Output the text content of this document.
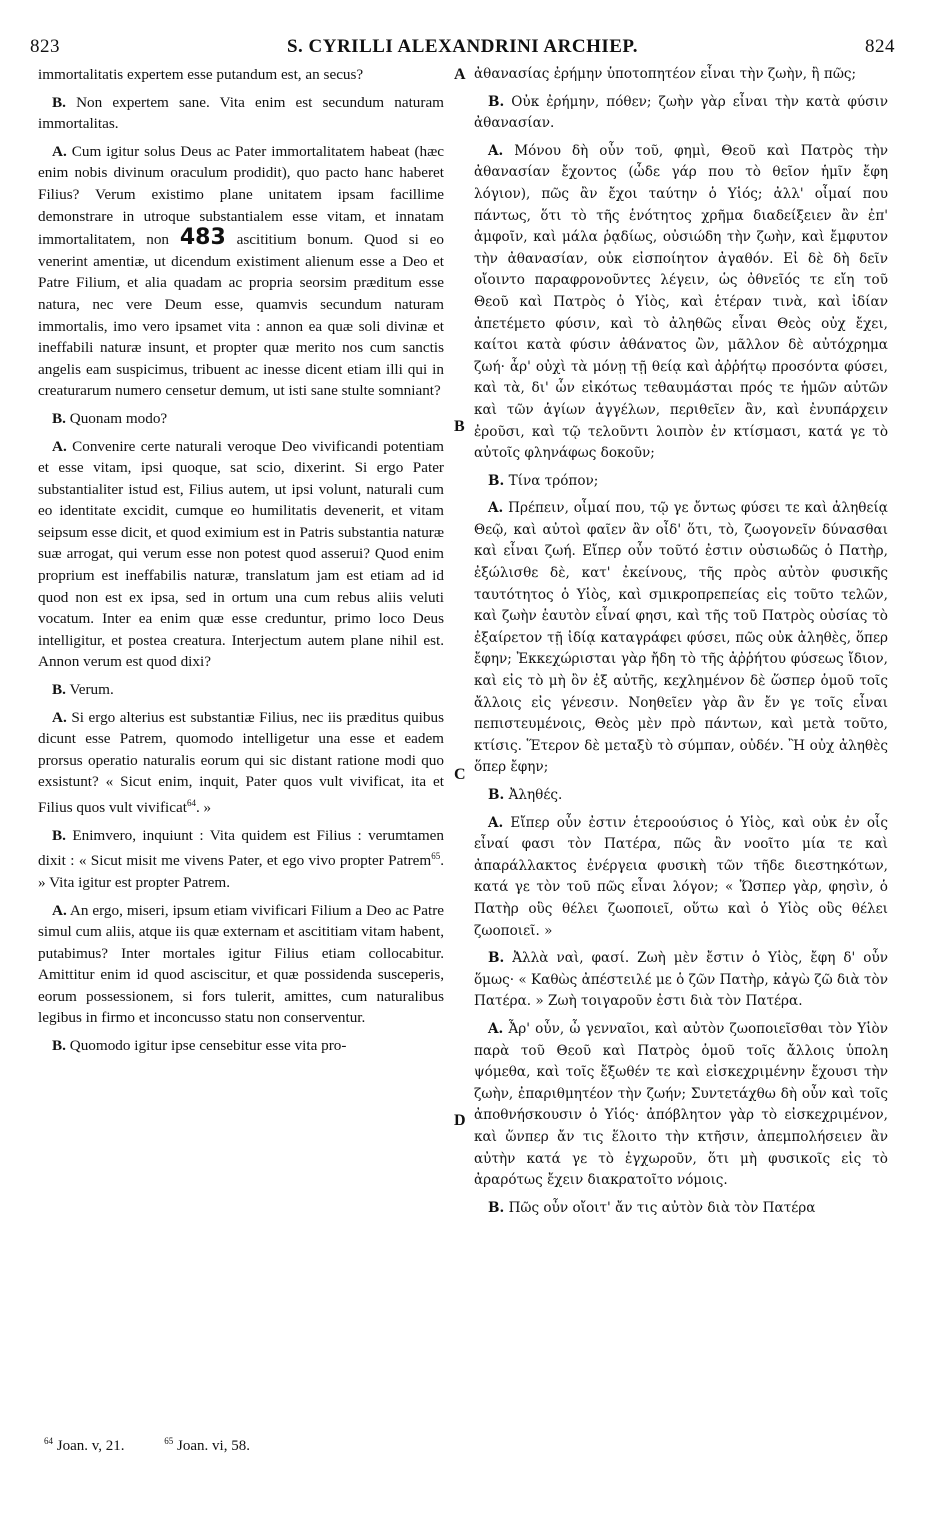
823	S. CYRILLI ALEXANDRINI ARCHIEP.	824
A
B
C
D

immortalitatis expertem esse putandum est, an secus?

B. Non expertem sane. Vita enim est secundum naturam immortalitas.

A. Cum igitur solus Deus ac Pater immortalitatem habeat (hæc enim nobis divinum oraculum prodidit), quo pacto hanc haberet Filius? Verum existimo plane unitatem ipsam facillime demonstrare in utroque substantialem esse vitam, et innatam immortalitatem, non 483 ascititium bonum. Quod si eo venerint amentiæ, ut dicendum existiment alienum esse a Deo et Patre Filium, et alia quadam ac propria seorsim præditum esse natura, nec vere Deum esse, quamvis secundum naturam immortalis, imo vero ipsamet vita : annon ea quæ soli divinæ et ineffabili naturæ insunt, et propter quæ merito nos cum sanctis angelis eam suspicimus, tribuent ac inesse dicent etiam illi qui in creaturarum numero censetur demum, ut isti sane stulte somniant?

B. Quonam modo?

A. Convenire certe naturali veroque Deo vivificandi potentiam et esse vitam, ipsi quoque, sat scio, dixerint. Si ergo Pater substantialiter istud est, Filius autem, ut ipsi volunt, naturali cum eo identitate excidit, cumque eo humilitatis devenerit, et vitam seipsum esse dicit, et quod eximium est in Patris substantia naturæ suæ arrogat, qui verum esse non potest quod asserui? Quod enim proprium est ineffabilis naturæ, translatum jam est etiam ad id quod non est ex ipsa, sed in ortum una cum rebus aliis veluti vocatum. Inter ea enim quæ esse creduntur, primo loco Deus intelligitur, et postea creatura. Interjectum autem plane nihil est. Annon verum est quod dixi?

B. Verum.

A. Si ergo alterius est substantiæ Filius, nec iis præditus quibus dicunt esse Patrem, quomodo intelligetur una esse et eadem prorsus operatio naturalis eorum qui sic distant ratione modi quo exsistunt? « Sicut enim, inquit, Pater quos vult vivificat, ita et Filius quos vult vivificat$^{64}$. »

B. Enimvero, inquiunt : Vita quidem est Filius : verumtamen dixit : « Sicut misit me vivens Pater, et ego vivo propter Patrem$^{65}$. » Vita igitur est propter Patrem.

A. An ergo, miseri, ipsum etiam vivificari Filium a Deo ac Patre simul cum aliis, atque iis quæ externam et ascititiam vitam habent, putabimus? Inter mortales igitur Filius etiam collocabitur. Amittitur enim id quod asciscitur, et quæ possidenda susceperis, eorum possessionem, si fors tulerit, amittes, cum naturalibus legibus in firmo et inconcusso statu non conserventur.

B. Quomodo igitur ipse censebitur esse vita pro-

ἀθανασίας ἐρήμην ὑποτοπητέον εἶναι τὴν ζωὴν, ἢ πῶς;

B. Οὐκ ἐρήμην, πόθεν; ζωὴν γὰρ εἶναι τὴν κατὰ φύσιν ἀθανασίαν.

A. Μόνου δὴ οὖν τοῦ, φημὶ, Θεοῦ καὶ Πατρὸς τὴν ἀθανασίαν ἔχοντος (ὧδε γάρ που τὸ θεῖον ἡμῖν ἔφη λόγιον), πῶς ἂν ἔχοι ταύτην ὁ Υἱός; ἀλλ' οἶμαί που πάντως, ὅτι τὸ τῆς ἑνότητος χρῆμα διαδείξειεν ἂν ἐπ' ἀμφοῖν, καὶ μάλα ῥᾳδίως, οὐσιώδη τὴν ζωὴν, καὶ ἔμφυτον τὴν ἀθανασίαν, οὐκ εἰσποίητον ἀγαθόν. Εἰ δὲ δὴ δεῖν οἴοιντο παραφρονοῦντες λέγειν, ὡς ὀθνεῖός τε εἴη τοῦ Θεοῦ καὶ Πατρὸς ὁ Υἱὸς, καὶ ἑτέραν τινὰ, καὶ ἰδίαν ἀπετέμετο φύσιν, καὶ τὸ ἀληθῶς εἶναι Θεὸς οὐχ ἔχει, καίτοι κατὰ φύσιν ἀθάνατος ὢν, μᾶλλον δὲ αὐτόχρημα ζωή· ἆρ' οὐχὶ τὰ μόνῃ τῇ θείᾳ καὶ ἀῤῥήτῳ προσόντα φύσει, καὶ τὰ, δι' ὧν εἰκότως τεθαυμάσται πρός τε ἡμῶν αὐτῶν καὶ τῶν ἁγίων ἀγγέλων, περιθεῖεν ἂν, καὶ ἐνυπάρχειν ἐροῦσι, καὶ τῷ τελοῦντι λοιπὸν ἐν κτίσμασι, κατά γε τὸ αὐτοῖς φληνάφως δοκοῦν;

B. Τίνα τρόπον;

A. Πρέπειν, οἶμαί που, τῷ γε ὄντως φύσει τε καὶ ἀληθείᾳ Θεῷ, καὶ αὐτοὶ φαῖεν ἂν οἶδ' ὅτι, τὸ, ζωογονεῖν δύνασθαι καὶ εἶναι ζωή. Εἴπερ οὖν τοῦτό ἐστιν οὐσιωδῶς ὁ Πατὴρ, ἐξώλισθε δὲ, κατ' ἐκείνους, τῆς πρὸς αὐτὸν φυσικῆς ταυτότητος ὁ Υἱὸς, καὶ σμικροπρεπείας εἰς τοῦτο τελῶν, καὶ ζωὴν ἑαυτὸν εἶναί φησι, καὶ τῆς τοῦ Πατρὸς οὐσίας τὸ ἐξαίρετον τῇ ἰδίᾳ καταγράφει φύσει, πῶς οὐκ ἀληθὲς, ὅπερ ἔφην; Ἐκκεχώρισται γὰρ ἤδη τὸ τῆς ἀῤῥήτου φύσεως ἴδιον, καὶ εἰς τὸ μὴ ὂν ἐξ αὐτῆς, κεχλημένον δὲ ὥσπερ ὁμοῦ τοῖς ἄλλοις εἰς γένεσιν. Νοηθεῖεν γὰρ ἂν ἔν γε τοῖς εἶναι πεπιστευμένοις, Θεὸς μὲν πρὸ πάντων, καὶ μετὰ τοῦτο, κτίσις. Ἕτερον δὲ μεταξὺ τὸ σύμπαν, οὐδέν. Ἢ οὐχ ἀληθὲς ὅπερ ἔφην;

B. Ἀληθές.

A. Εἴπερ οὖν ἐστιν ἑτεροούσιος ὁ Υἱὸς, καὶ οὐκ ἐν οἷς εἶναί φασι τὸν Πατέρα, πῶς ἂν νοοῖτο μία τε καὶ ἀπαράλλακτος ἐνέργεια φυσικὴ τῶν τῆδε διεστηκότων, κατά γε τὸν τοῦ πῶς εἶναι λόγον; « Ὥσπερ γὰρ, φησὶν, ὁ Πατὴρ οὓς θέλει ζωοποιεῖ, οὕτω καὶ ὁ Υἱὸς οὓς θέλει ζωοποιεῖ. »

B. Ἀλλὰ ναὶ, φασί. Ζωὴ μὲν ἔστιν ὁ Υἱὸς, ἔφη δ' οὖν ὅμως· « Καθὼς ἀπέστειλέ με ὁ ζῶν Πατὴρ, κἀγὼ ζῶ διὰ τὸν Πατέρα. » Ζωὴ τοιγαροῦν ἐστι διὰ τὸν Πατέρα.

A. Ἆρ' οὖν, ὦ γενναῖοι, καὶ αὐτὸν ζωοποιεῖσθαι τὸν Υἱὸν παρὰ τοῦ Θεοῦ καὶ Πατρὸς ὁμοῦ τοῖς ἄλλοις ὑπολη ψόμεθα, καὶ τοῖς ἔξωθέν τε καὶ εἰσκεχριμένην ἔχουσι τὴν ζωὴν, ἐπαριθμητέον τὴν ζωήν; Συντετάχθω δὴ οὖν καὶ τοῖς ἀποθνήσκουσιν ὁ Υἱός· ἀπόβλητον γὰρ τὸ εἰσκεχριμένον, καὶ ὥνπερ ἄν τις ἕλοιτο τὴν κτῆσιν, ἀπεμπολήσειεν ἂν αὐτὴν κατά γε τὸ ἐγχωροῦν, ὅτι μὴ φυσικοῖς εἰς τὸ ἀραρότως ἔχειν διακρατοῖτο νόμοις.

B. Πῶς οὖν οἴοιτ' ἄν τις αὐτὸν διὰ τὸν Πατέρα

$^{64}$ Joan. v, 21.	$^{65}$ Joan. vi, 58.
